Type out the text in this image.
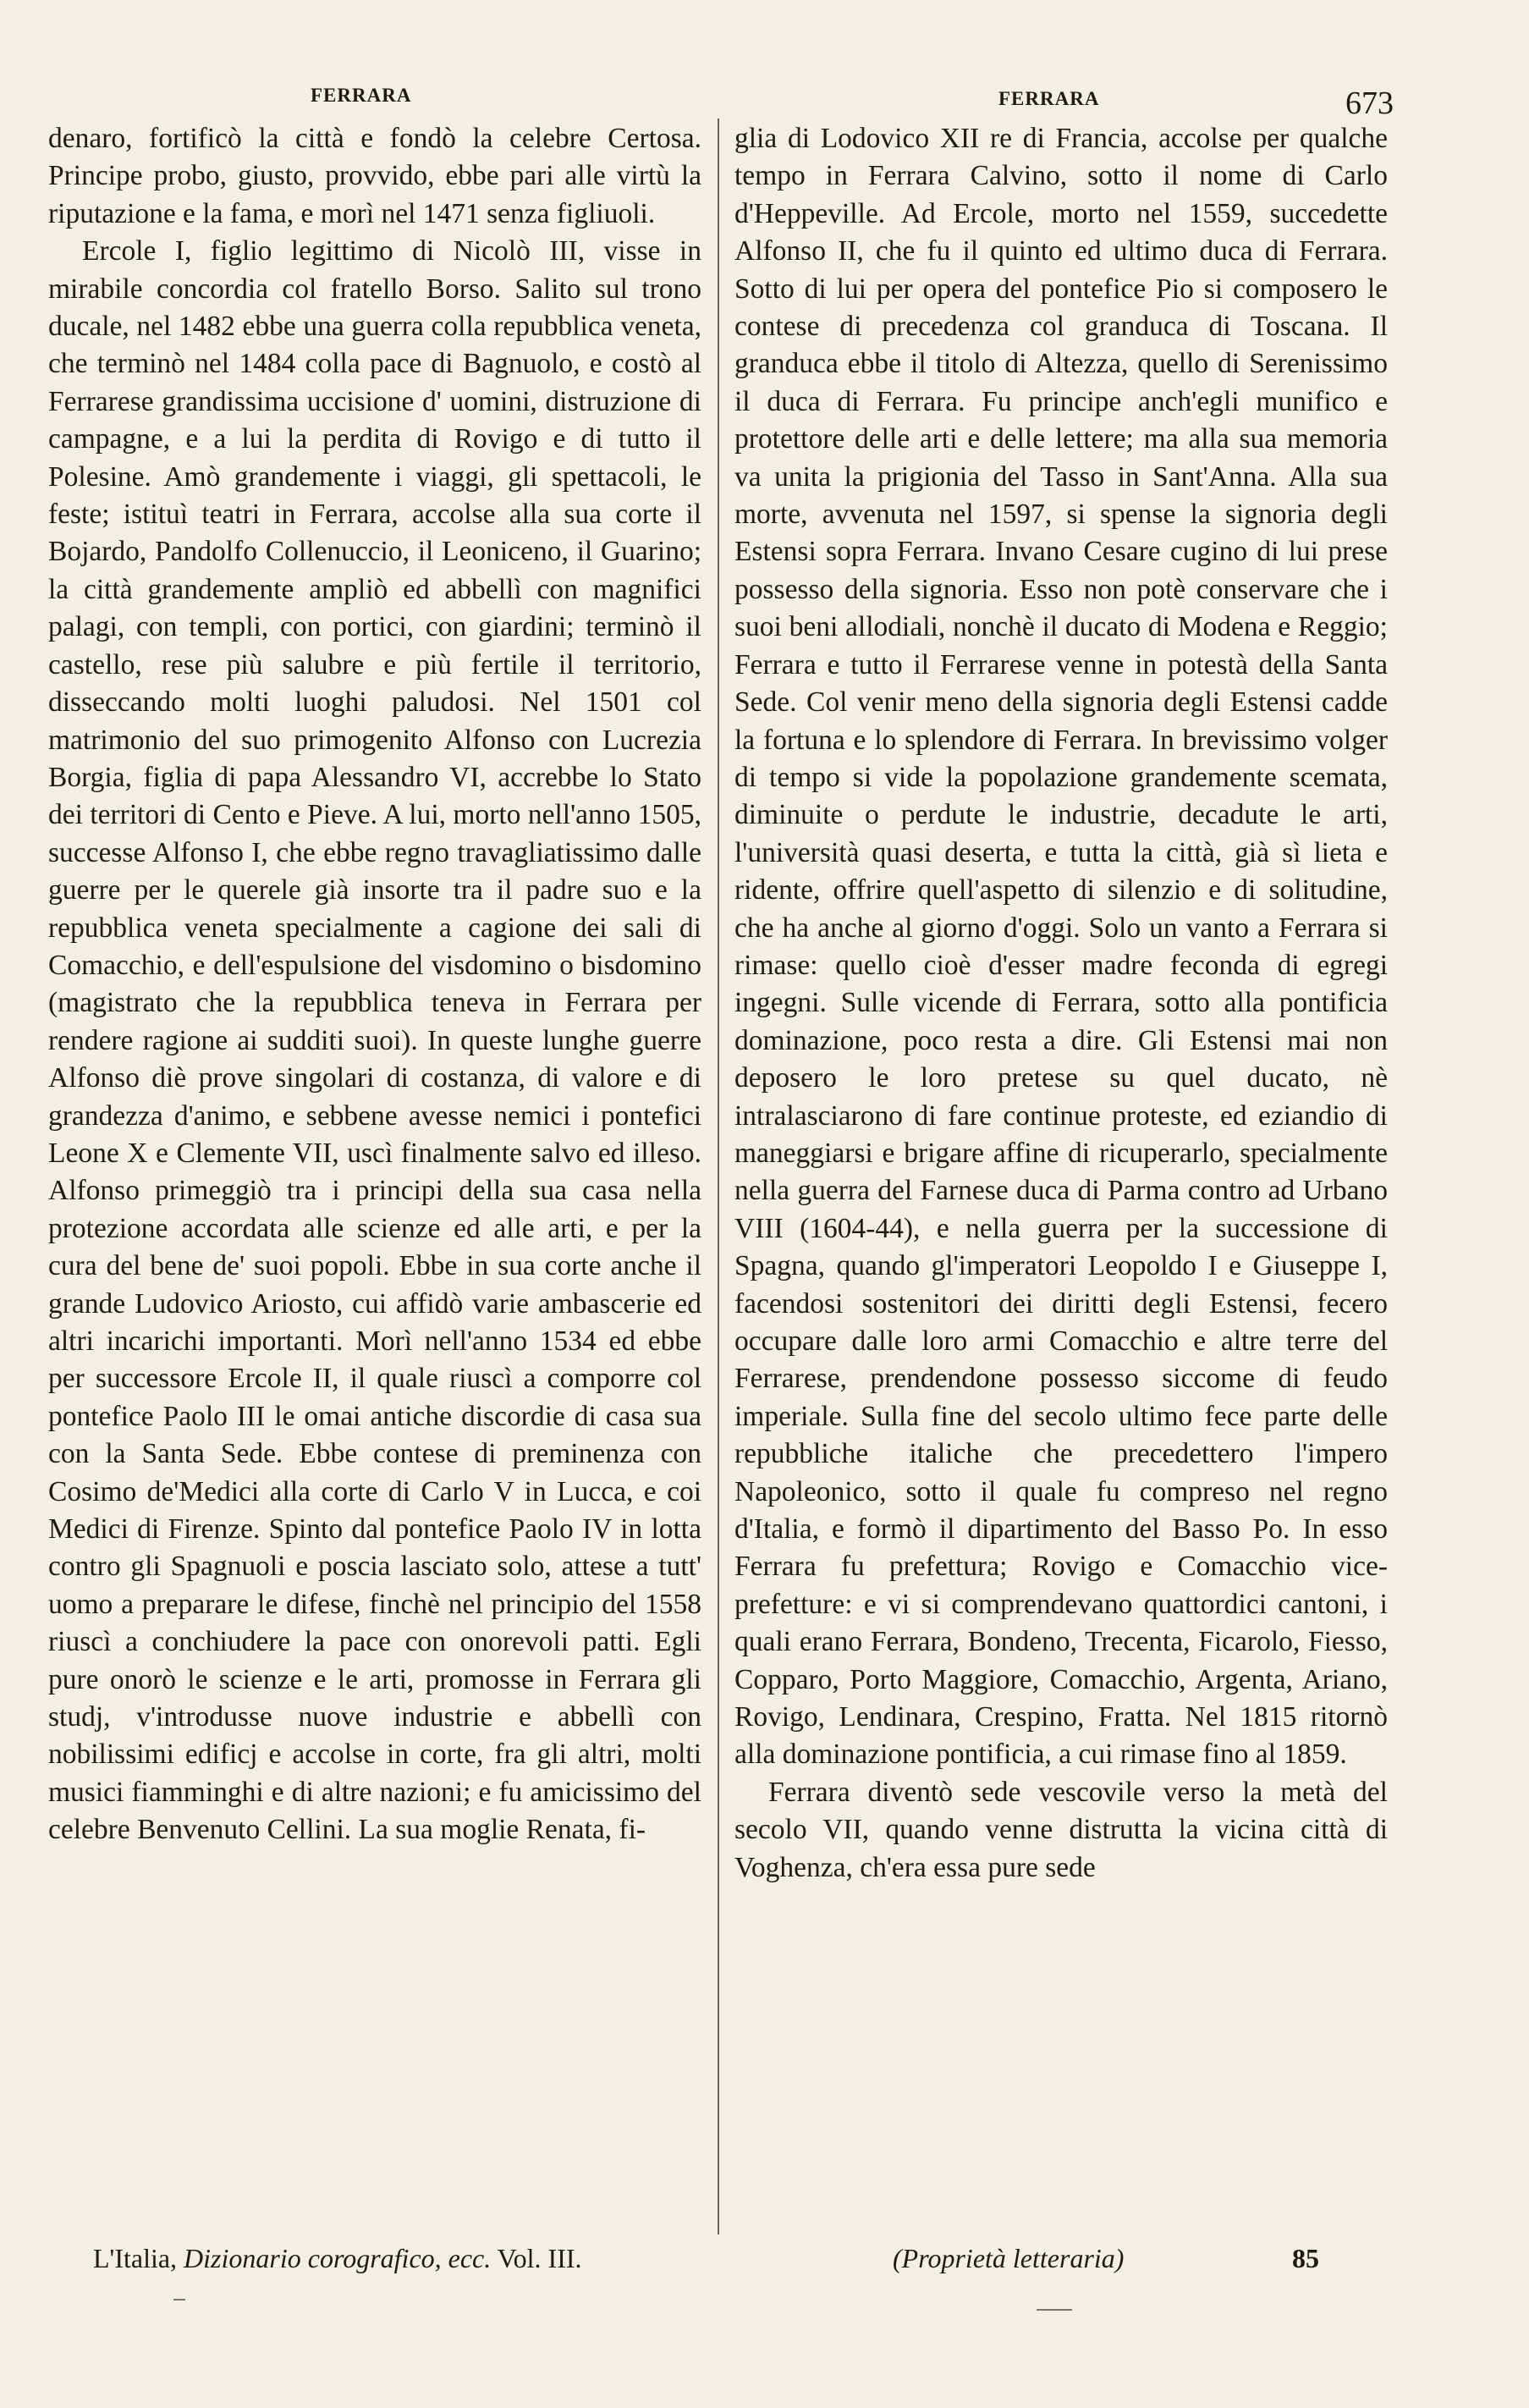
FERRARA	FERRARA	673

denaro, fortificò la città e fondò la celebre Certosa. Principe probo, giusto, provvido, ebbe pari alle virtù la riputazione e la fama, e morì nel 1471 senza figliuoli.

Ercole I, figlio legittimo di Nicolò III, visse in mirabile concordia col fratello Borso. Salito sul trono ducale, nel 1482 ebbe una guerra colla repubblica veneta, che terminò nel 1484 colla pace di Bagnuolo, e costò al Ferrarese grandissima uccisione d' uomini, distruzione di campagne, e a lui la perdita di Rovigo e di tutto il Polesine. Amò grandemente i viaggi, gli spettacoli, le feste; istituì teatri in Ferrara, accolse alla sua corte il Bojardo, Pandolfo Collenuccio, il Leoniceno, il Guarino; la città grandemente ampliò ed abbellì con magnifici palagi, con templi, con portici, con giardini; terminò il castello, rese più salubre e più fertile il territorio, disseccando molti luoghi paludosi. Nel 1501 col matrimonio del suo primogenito Alfonso con Lucrezia Borgia, figlia di papa Alessandro VI, accrebbe lo Stato dei territori di Cento e Pieve. A lui, morto nell'anno 1505, successe Alfonso I, che ebbe regno travagliatissimo dalle guerre per le querele già insorte tra il padre suo e la repubblica veneta specialmente a cagione dei sali di Comacchio, e dell'espulsione del visdomino o bisdomino (magistrato che la repubblica teneva in Ferrara per rendere ragione ai sudditi suoi). In queste lunghe guerre Alfonso diè prove singolari di costanza, di valore e di grandezza d'animo, e sebbene avesse nemici i pontefici Leone X e Clemente VII, uscì finalmente salvo ed illeso. Alfonso primeggiò tra i principi della sua casa nella protezione accordata alle scienze ed alle arti, e per la cura del bene de' suoi popoli. Ebbe in sua corte anche il grande Ludovico Ariosto, cui affidò varie ambascerie ed altri incarichi importanti. Morì nell'anno 1534 ed ebbe per successore Ercole II, il quale riuscì a comporre col pontefice Paolo III le omai antiche discordie di casa sua con la Santa Sede. Ebbe contese di preminenza con Cosimo de'Medici alla corte di Carlo V in Lucca, e coi Medici di Firenze. Spinto dal pontefice Paolo IV in lotta contro gli Spagnuoli e poscia lasciato solo, attese a tutt' uomo a preparare le difese, finchè nel principio del 1558 riuscì a conchiudere la pace con onorevoli patti. Egli pure onorò le scienze e le arti, promosse in Ferrara gli studj, v'introdusse nuove industrie e abbellì con nobilissimi edificj e accolse in corte, fra gli altri, molti musici fiamminghi e di altre nazioni; e fu amicissimo del celebre Benvenuto Cellini. La sua moglie Renata, fi-

glia di Lodovico XII re di Francia, accolse per qualche tempo in Ferrara Calvino, sotto il nome di Carlo d'Heppeville. Ad Ercole, morto nel 1559, succedette Alfonso II, che fu il quinto ed ultimo duca di Ferrara. Sotto di lui per opera del pontefice Pio si composero le contese di precedenza col granduca di Toscana. Il granduca ebbe il titolo di Altezza, quello di Serenissimo il duca di Ferrara. Fu principe anch'egli munifico e protettore delle arti e delle lettere; ma alla sua memoria va unita la prigionia del Tasso in Sant'Anna. Alla sua morte, avvenuta nel 1597, si spense la signoria degli Estensi sopra Ferrara. Invano Cesare cugino di lui prese possesso della signoria. Esso non potè conservare che i suoi beni allodiali, nonchè il ducato di Modena e Reggio; Ferrara e tutto il Ferrarese venne in potestà della Santa Sede. Col venir meno della signoria degli Estensi cadde la fortuna e lo splendore di Ferrara. In brevissimo volger di tempo si vide la popolazione grandemente scemata, diminuite o perdute le industrie, decadute le arti, l'università quasi deserta, e tutta la città, già sì lieta e ridente, offrire quell'aspetto di silenzio e di solitudine, che ha anche al giorno d'oggi. Solo un vanto a Ferrara si rimase: quello cioè d'esser madre feconda di egregi ingegni. Sulle vicende di Ferrara, sotto alla pontificia dominazione, poco resta a dire. Gli Estensi mai non deposero le loro pretese su quel ducato, nè intralasciarono di fare continue proteste, ed eziandio di maneggiarsi e brigare affine di ricuperarlo, specialmente nella guerra del Farnese duca di Parma contro ad Urbano VIII (1604-44), e nella guerra per la successione di Spagna, quando gl'imperatori Leopoldo I e Giuseppe I, facendosi sostenitori dei diritti degli Estensi, fecero occupare dalle loro armi Comacchio e altre terre del Ferrarese, prendendone possesso siccome di feudo imperiale. Sulla fine del secolo ultimo fece parte delle repubbliche italiche che precedettero l'impero Napoleonico, sotto il quale fu compreso nel regno d'Italia, e formò il dipartimento del Basso Po. In esso Ferrara fu prefettura; Rovigo e Comacchio vice-prefetture: e vi si comprendevano quattordici cantoni, i quali erano Ferrara, Bondeno, Trecenta, Ficarolo, Fiesso, Copparo, Porto Maggiore, Comacchio, Argenta, Ariano, Rovigo, Lendinara, Crespino, Fratta. Nel 1815 ritornò alla dominazione pontificia, a cui rimase fino al 1859.

Ferrara diventò sede vescovile verso la metà del secolo VII, quando venne distrutta la vicina città di Voghenza, ch'era essa pure sede

L'Italia, Dizionario corografico, ecc. Vol. III.	(Proprietà letteraria)	85
